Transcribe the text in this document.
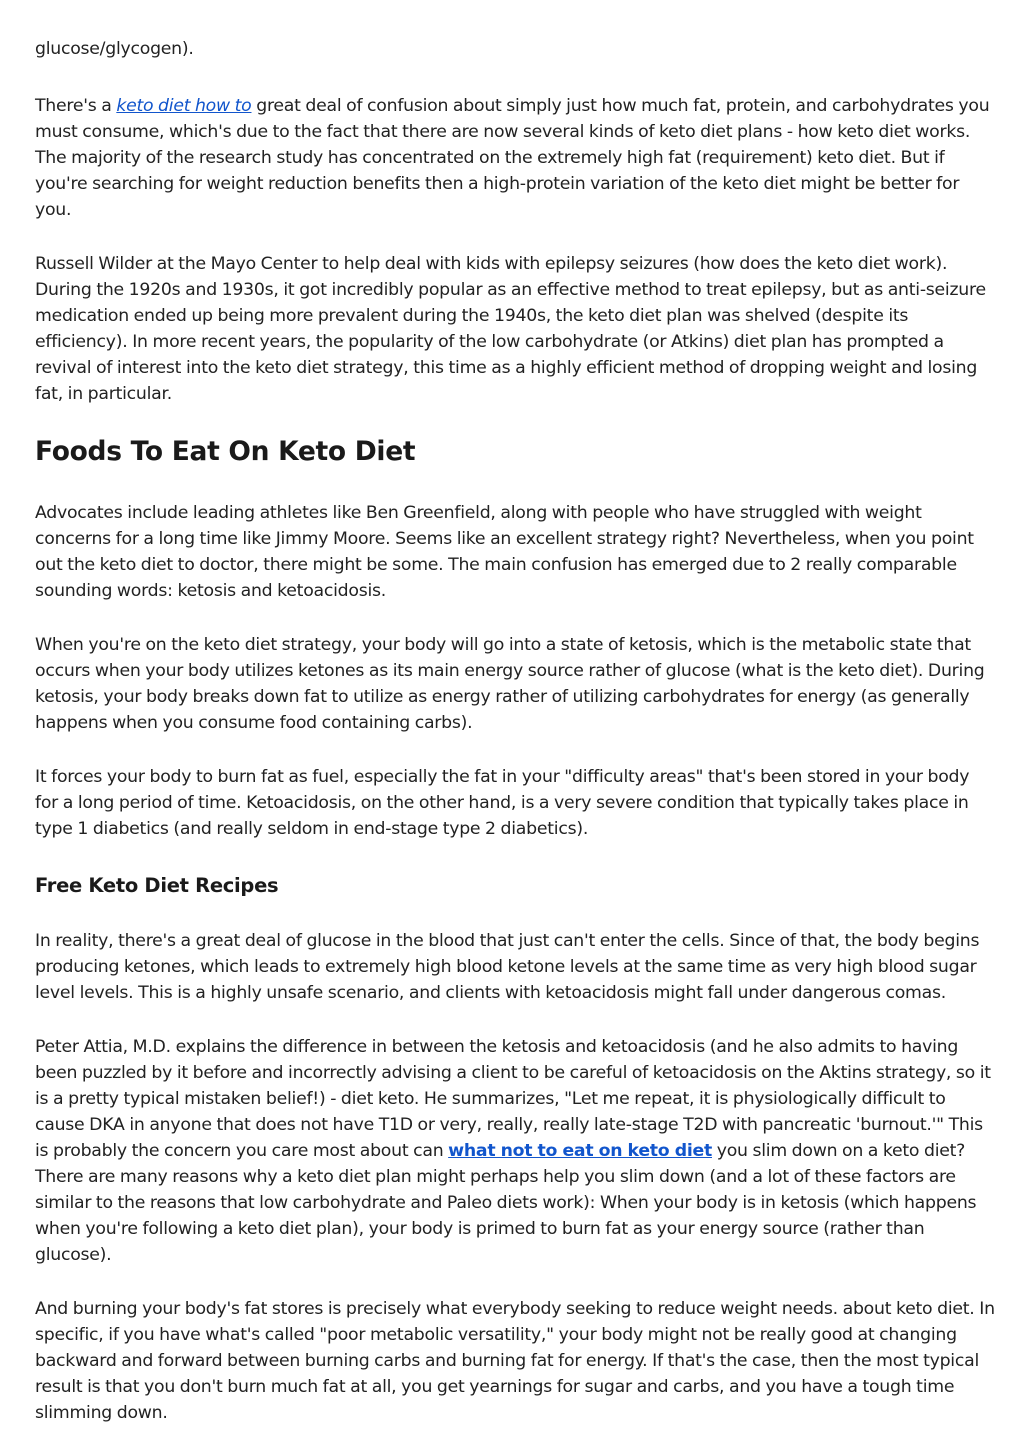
glucose/glycogen).

There's a keto diet how to great deal of confusion about simply just how much fat, protein, and carbohydrates you must consume, which's due to the fact that there are now several kinds of keto diet plans - how keto diet works. The majority of the research study has concentrated on the extremely high fat (requirement) keto diet. But if you're searching for weight reduction benefits then a high-protein variation of the keto diet might be better for you.

Russell Wilder at the Mayo Center to help deal with kids with epilepsy seizures (how does the keto diet work). During the 1920s and 1930s, it got incredibly popular as an effective method to treat epilepsy, but as anti-seizure medication ended up being more prevalent during the 1940s, the keto diet plan was shelved (despite its efficiency). In more recent years, the popularity of the low carbohydrate (or Atkins) diet plan has prompted a revival of interest into the keto diet strategy, this time as a highly efficient method of dropping weight and losing fat, in particular.

Foods To Eat On Keto Diet

Advocates include leading athletes like Ben Greenfield, along with people who have struggled with weight concerns for a long time like Jimmy Moore. Seems like an excellent strategy right? Nevertheless, when you point out the keto diet to doctor, there might be some. The main confusion has emerged due to 2 really comparable sounding words: ketosis and ketoacidosis.

When you're on the keto diet strategy, your body will go into a state of ketosis, which is the metabolic state that occurs when your body utilizes ketones as its main energy source rather of glucose (what is the keto diet). During ketosis, your body breaks down fat to utilize as energy rather of utilizing carbohydrates for energy (as generally happens when you consume food containing carbs).

It forces your body to burn fat as fuel, especially the fat in your "difficulty areas" that's been stored in your body for a long period of time. Ketoacidosis, on the other hand, is a very severe condition that typically takes place in type 1 diabetics (and really seldom in end-stage type 2 diabetics).

Free Keto Diet Recipes

In reality, there's a great deal of glucose in the blood that just can't enter the cells. Since of that, the body begins producing ketones, which leads to extremely high blood ketone levels at the same time as very high blood sugar level levels. This is a highly unsafe scenario, and clients with ketoacidosis might fall under dangerous comas.

Peter Attia, M.D. explains the difference in between the ketosis and ketoacidosis (and he also admits to having been puzzled by it before and incorrectly advising a client to be careful of ketoacidosis on the Aktins strategy, so it is a pretty typical mistaken belief!) - diet keto. He summarizes, "Let me repeat, it is physiologically difficult to cause DKA in anyone that does not have T1D or very, really, really late-stage T2D with pancreatic 'burnout.'" This is probably the concern you care most about can what not to eat on keto diet you slim down on a keto diet? There are many reasons why a keto diet plan might perhaps help you slim down (and a lot of these factors are similar to the reasons that low carbohydrate and Paleo diets work): When your body is in ketosis (which happens when you're following a keto diet plan), your body is primed to burn fat as your energy source (rather than glucose).

And burning your body's fat stores is precisely what everybody seeking to reduce weight needs. about keto diet. In specific, if you have what's called "poor metabolic versatility," your body might not be really good at changing backward and forward between burning carbs and burning fat for energy. If that's the case, then the most typical result is that you don't burn much fat at all, you get yearnings for sugar and carbs, and you have a tough time slimming down.
